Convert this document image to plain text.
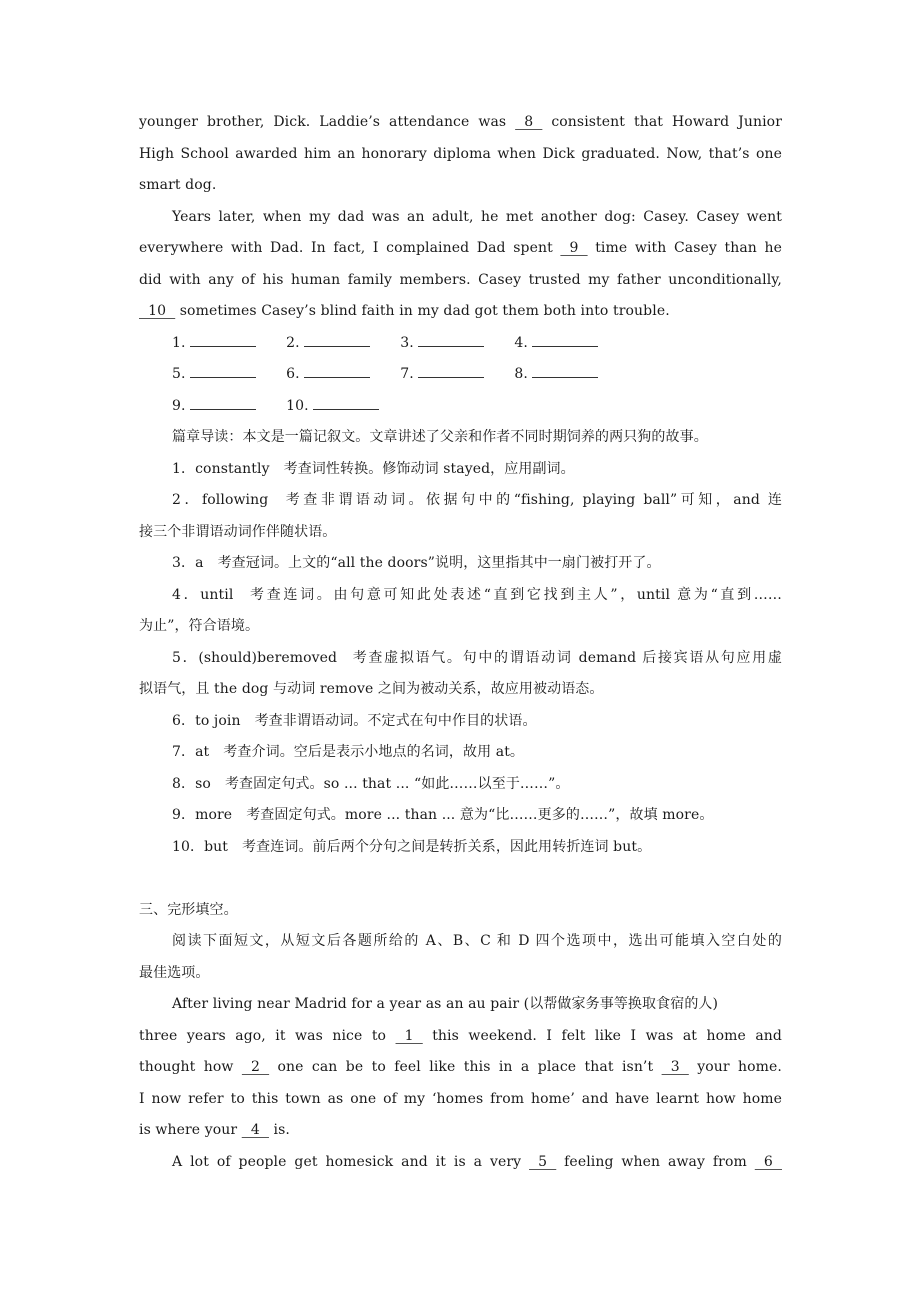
younger brother, Dick. Laddie’s attendance was   8   consistent that Howard Junior
High School awarded him an honorary diploma when Dick graduated. Now, that’s one
smart dog.
Years later, when my dad was an adult, he met another dog: Casey. Casey went
everywhere with Dad. In fact, I complained Dad spent   9   time with Casey than he
did with any of his human family members. Casey trusted my father unconditionally,
10   sometimes Casey’s blind faith in my dad got them both into trouble.
1.	2.	3.	4.
5.	6.	7.	8.
9.	10.
篇章导读：本文是一篇记叙文。文章讲述了父亲和作者不同时期饲养的两只狗的故事。
1．constantly 考查词性转换。修饰动词 stayed，应用副词。
2．following 考查非谓语动词。依据句中的“fishing, playing ball”可知，and 连
接三个非谓语动词作伴随状语。
3．a 考查冠词。上文的“all the doors”说明，这里指其中一扇门被打开了。
4．until 考查连词。由句意可知此处表述“直到它找到主人”，until 意为“直到……
为止”，符合语境。
5．(should)beremoved 考查虚拟语气。句中的谓语动词 demand 后接宾语从句应用虚
拟语气，且 the dog 与动词 remove 之间为被动关系，故应用被动语态。
6．to join 考查非谓语动词。不定式在句中作目的状语。
7．at 考查介词。空后是表示小地点的名词，故用 at。
8．so 考查固定句式。so ... that ... “如此……以至于……”。
9．more 考查固定句式。more ... than ... 意为“比……更多的……”，故填 more。
10．but 考查连词。前后两个分句之间是转折关系，因此用转折连词 but。
三、完形填空。
阅读下面短文，从短文后各题所给的 A、B、C 和 D 四个选项中，选出可能填入空白处的
最佳选项。
After living near Madrid for a year as an au pair (以帮做家务事等换取食宿的人)
three years ago, it was nice to   1   this weekend. I felt like I was at home and
thought how   2   one can be to feel like this in a place that isn’t   3   your home.
I now refer to this town as one of my ‘homes from home’ and have learnt how home
is where your   4   is.
A lot of people get homesick and it is a very   5   feeling when away from   6
